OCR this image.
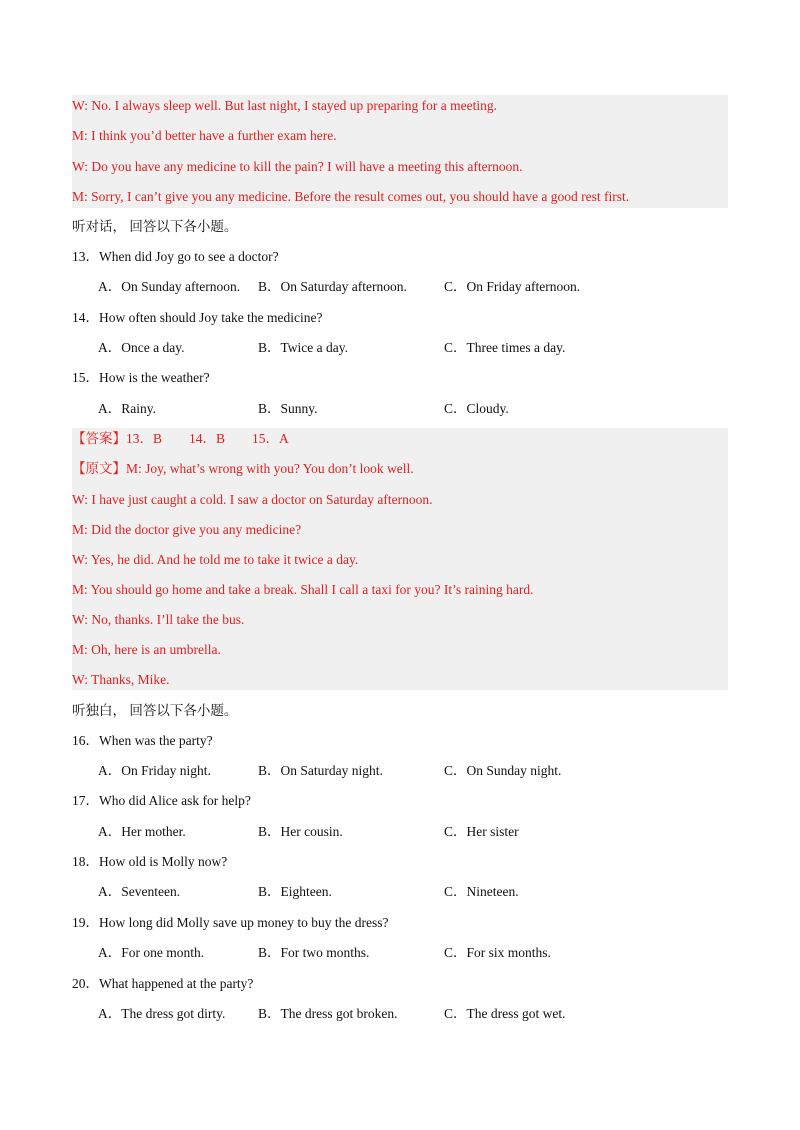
W: No. I always sleep well. But last night, I stayed up preparing for a meeting.
M: I think you’d better have a further exam here.
W: Do you have any medicine to kill the pain? I will have a meeting this afternoon.
M: Sorry, I can’t give you any medicine. Before the result comes out, you should have a good rest first.
听对话， 回答以下各小题。
13．When did Joy go to see a doctor?
A．On Sunday afternoon. B．On Saturday afternoon.	C．On Friday afternoon.
14．How often should Joy take the medicine?
A．Once a day.	B．Twice a day.	C．Three times a day.
15．How is the weather?
A．Rainy.	B．Sunny.	C．Cloudy.
【答案】13．B　　14．B　　15．A
【原文】M: Joy, what’s wrong with you? You don’t look well.
W: I have just caught a cold. I saw a doctor on Saturday afternoon.
M: Did the doctor give you any medicine?
W: Yes, he did. And he told me to take it twice a day.
M: You should go home and take a break. Shall I call a taxi for you? It’s raining hard.
W: No, thanks. I’ll take the bus.
M: Oh, here is an umbrella.
W: Thanks, Mike.
听独白， 回答以下各小题。
16．When was the party?
A．On Friday night.	B．On Saturday night.	C．On Sunday night.
17．Who did Alice ask for help?
A．Her mother.	B．Her cousin.	C．Her sister
18．How old is Molly now?
A．Seventeen.	B．Eighteen.	C．Nineteen.
19．How long did Molly save up money to buy the dress?
A．For one month.	B．For two months.	C．For six months.
20．What happened at the party?
A．The dress got dirty. B．The dress got broken.	C．The dress got wet.
